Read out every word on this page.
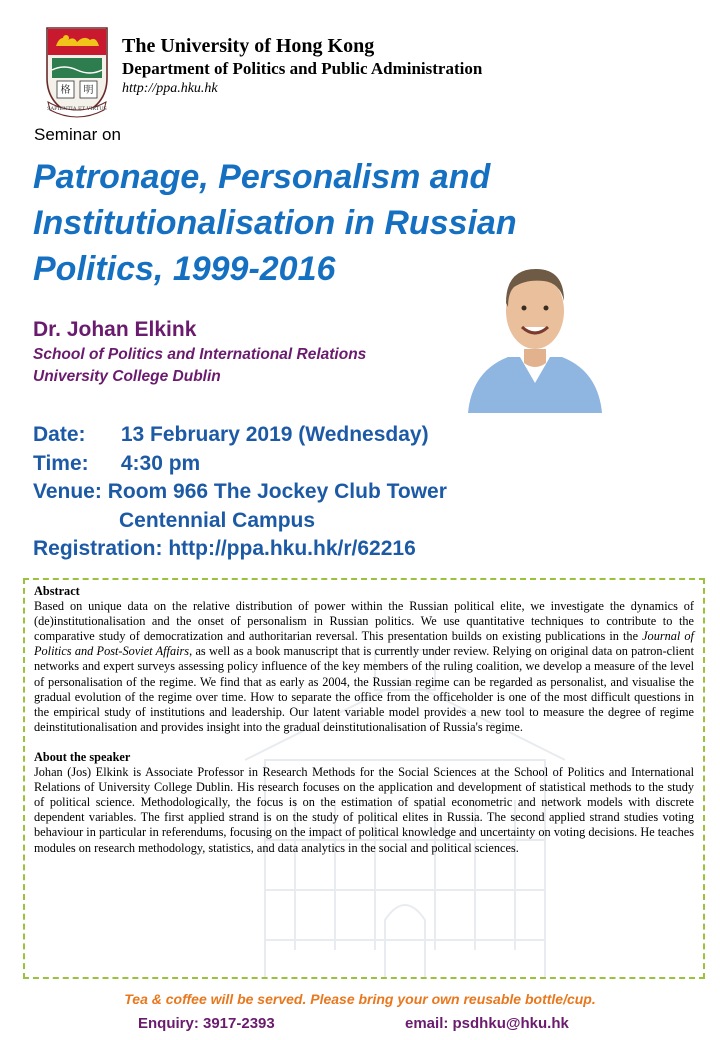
格 明
SAPIENTIA ET VIRTUS
The University of Hong Kong
Department of Politics and Public Administration
http://ppa.hku.hk
Seminar on
Patronage, Personalism and
Institutionalisation in Russian
Politics, 1999-2016
Dr. Johan Elkink
School of Politics and International Relations
University College Dublin
Date: 13 February 2019 (Wednesday)
Time: 4:30 pm
Venue: Room 966 The Jockey Club Tower
Centennial Campus
Registration: http://ppa.hku.hk/r/62216
Abstract

Based on unique data on the relative distribution of power within the Russian political elite, we investigate the dynamics of (de)institutionalisation and the onset of personalism in Russian politics. We use quantitative techniques to contribute to the comparative study of democratization and authoritarian reversal. This presentation builds on existing publications in the Journal of Politics and Post-Soviet Affairs, as well as a book manuscript that is currently under review. Relying on original data on patron-client networks and expert surveys assessing policy influence of the key members of the ruling coalition, we develop a measure of the level of personalisation of the regime. We find that as early as 2004, the Russian regime can be regarded as personalist, and visualise the gradual evolution of the regime over time. How to separate the office from the officeholder is one of the most difficult questions in the empirical study of institutions and leadership. Our latent variable model provides a new tool to measure the degree of regime deinstitutionalisation and provides insight into the gradual deinstitutionalisation of Russia's regime.

About the speaker

Johan (Jos) Elkink is Associate Professor in Research Methods for the Social Sciences at the School of Politics and International Relations of University College Dublin. His research focuses on the application and development of statistical methods to the study of political science. Methodologically, the focus is on the estimation of spatial econometric and network models with discrete dependent variables. The first applied strand is on the study of political elites in Russia. The second applied strand studies voting behaviour in particular in referendums, focusing on the impact of political knowledge and uncertainty on voting decisions. He teaches modules on research methodology, statistics, and data analytics in the social and political sciences.

Tea & coffee will be served. Please bring your own reusable bottle/cup.
Enquiry: 3917-2393	email: psdhku@hku.hk
